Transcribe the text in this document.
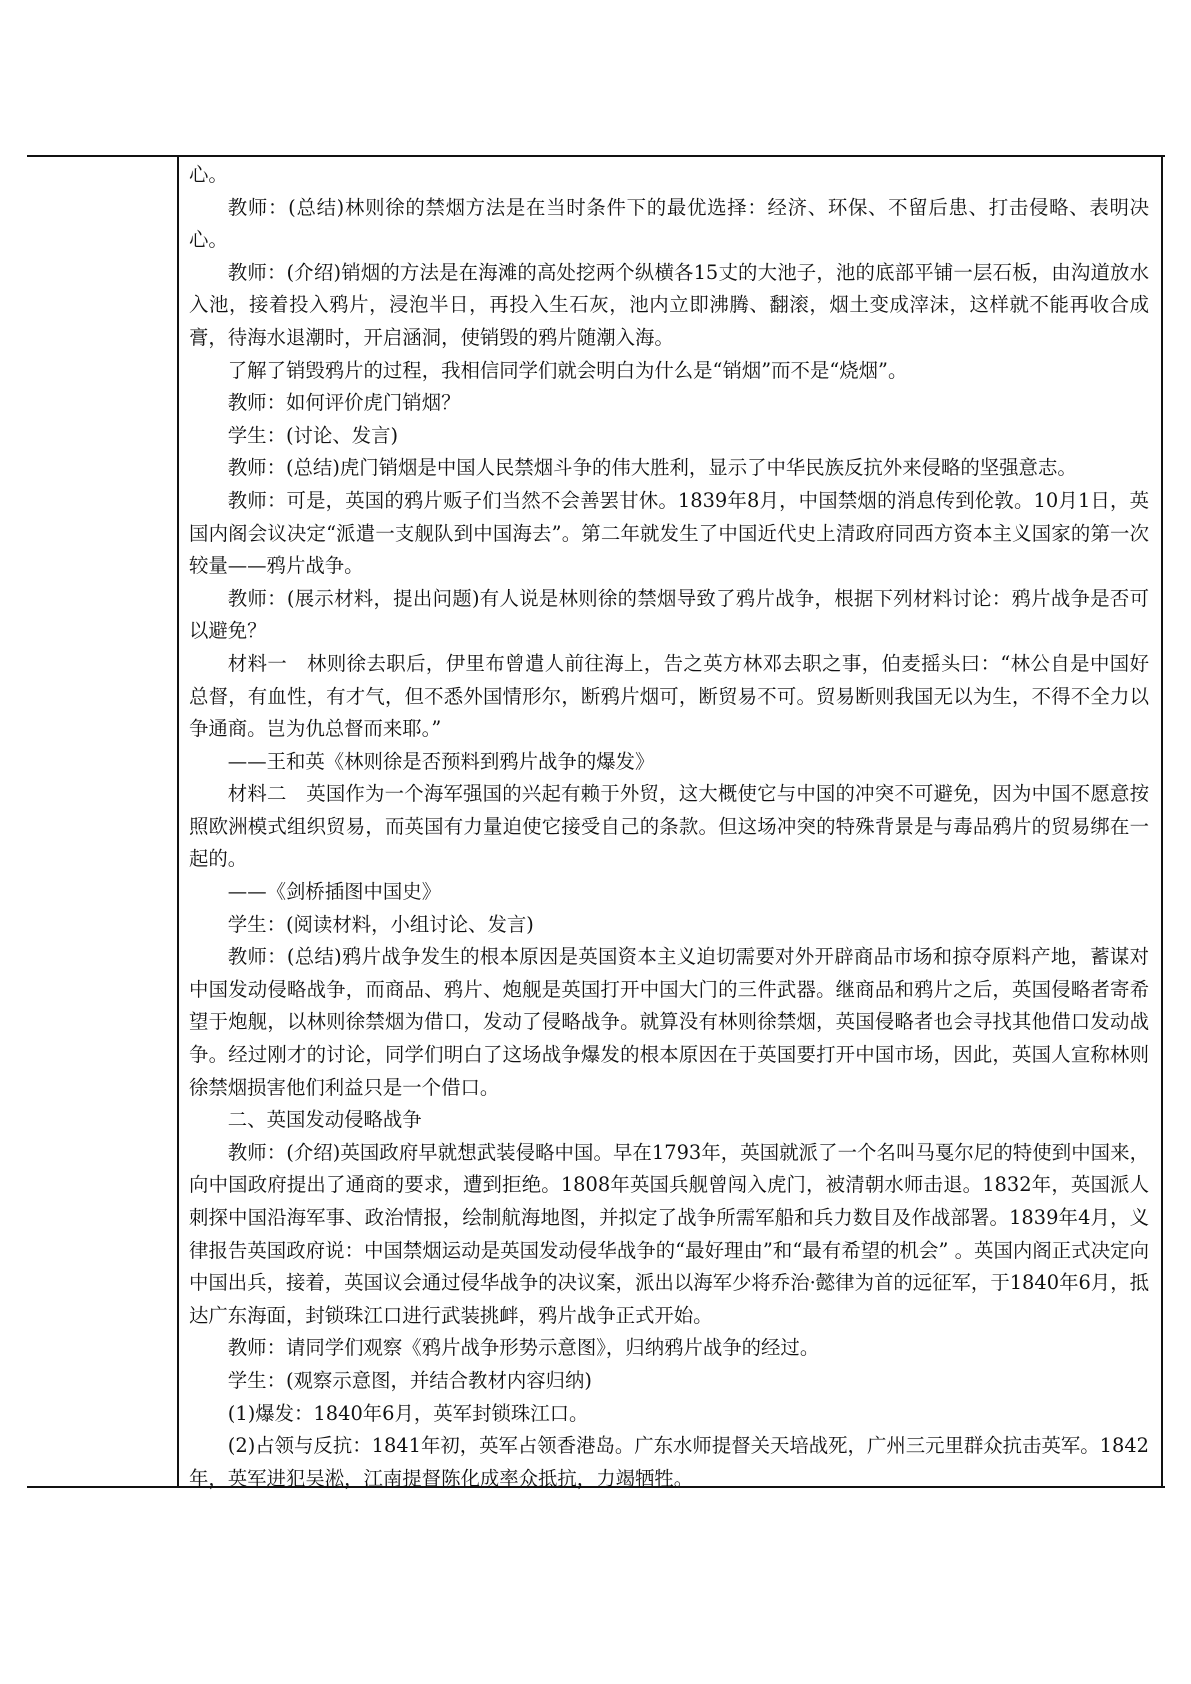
心。

教师：(总结)林则徐的禁烟方法是在当时条件下的最优选择：经济、环保、不留后患、打击侵略、表明决心。

教师：(介绍)销烟的方法是在海滩的高处挖两个纵横各15丈的大池子，池的底部平铺一层石板，由沟道放水入池，接着投入鸦片，浸泡半日，再投入生石灰，池内立即沸腾、翻滚，烟土变成滓沫，这样就不能再收合成膏，待海水退潮时，开启涵洞，使销毁的鸦片随潮入海。

了解了销毁鸦片的过程，我相信同学们就会明白为什么是“销烟”而不是“烧烟”。

教师：如何评价虎门销烟？

学生：(讨论、发言)

教师：(总结)虎门销烟是中国人民禁烟斗争的伟大胜利，显示了中华民族反抗外来侵略的坚强意志。

教师：可是，英国的鸦片贩子们当然不会善罢甘休。1839年8月，中国禁烟的消息传到伦敦。10月1日，英国内阁会议决定“派遣一支舰队到中国海去”。第二年就发生了中国近代史上清政府同西方资本主义国家的第一次较量——鸦片战争。

教师：(展示材料，提出问题)有人说是林则徐的禁烟导致了鸦片战争，根据下列材料讨论：鸦片战争是否可以避免？

材料一　林则徐去职后，伊里布曾遣人前往海上，告之英方林邓去职之事，伯麦摇头曰：“林公自是中国好总督，有血性，有才气，但不悉外国情形尔，断鸦片烟可，断贸易不可。贸易断则我国无以为生，不得不全力以争通商。岂为仇总督而来耶。”

——王和英《林则徐是否预料到鸦片战争的爆发》

材料二　英国作为一个海军强国的兴起有赖于外贸，这大概使它与中国的冲突不可避免，因为中国不愿意按照欧洲模式组织贸易，而英国有力量迫使它接受自己的条款。但这场冲突的特殊背景是与毒品鸦片的贸易绑在一起的。

——《剑桥插图中国史》

学生：(阅读材料，小组讨论、发言)

教师：(总结)鸦片战争发生的根本原因是英国资本主义迫切需要对外开辟商品市场和掠夺原料产地，蓄谋对中国发动侵略战争，而商品、鸦片、炮舰是英国打开中国大门的三件武器。继商品和鸦片之后，英国侵略者寄希望于炮舰，以林则徐禁烟为借口，发动了侵略战争。就算没有林则徐禁烟，英国侵略者也会寻找其他借口发动战争。经过刚才的讨论，同学们明白了这场战争爆发的根本原因在于英国要打开中国市场，因此，英国人宣称林则徐禁烟损害他们利益只是一个借口。

二、英国发动侵略战争

教师：(介绍)英国政府早就想武装侵略中国。早在1793年，英国就派了一个名叫马戛尔尼的特使到中国来，向中国政府提出了通商的要求，遭到拒绝。1808年英国兵舰曾闯入虎门，被清朝水师击退。1832年，英国派人刺探中国沿海军事、政治情报，绘制航海地图，并拟定了战争所需军船和兵力数目及作战部署。1839年4月，义律报告英国政府说：中国禁烟运动是英国发动侵华战争的“最好理由”和“最有希望的机会” 。英国内阁正式决定向中国出兵，接着，英国议会通过侵华战争的决议案，派出以海军少将乔治·懿律为首的远征军，于1840年6月，抵达广东海面，封锁珠江口进行武装挑衅，鸦片战争正式开始。

教师：请同学们观察《鸦片战争形势示意图》，归纳鸦片战争的经过。

学生：(观察示意图，并结合教材内容归纳)

(1)爆发：1840年6月，英军封锁珠江口。

(2)占领与反抗：1841年初，英军占领香港岛。广东水师提督关天培战死，广州三元里群众抗击英军。1842年，英军进犯吴淞，江南提督陈化成率众抵抗，力竭牺牲。
